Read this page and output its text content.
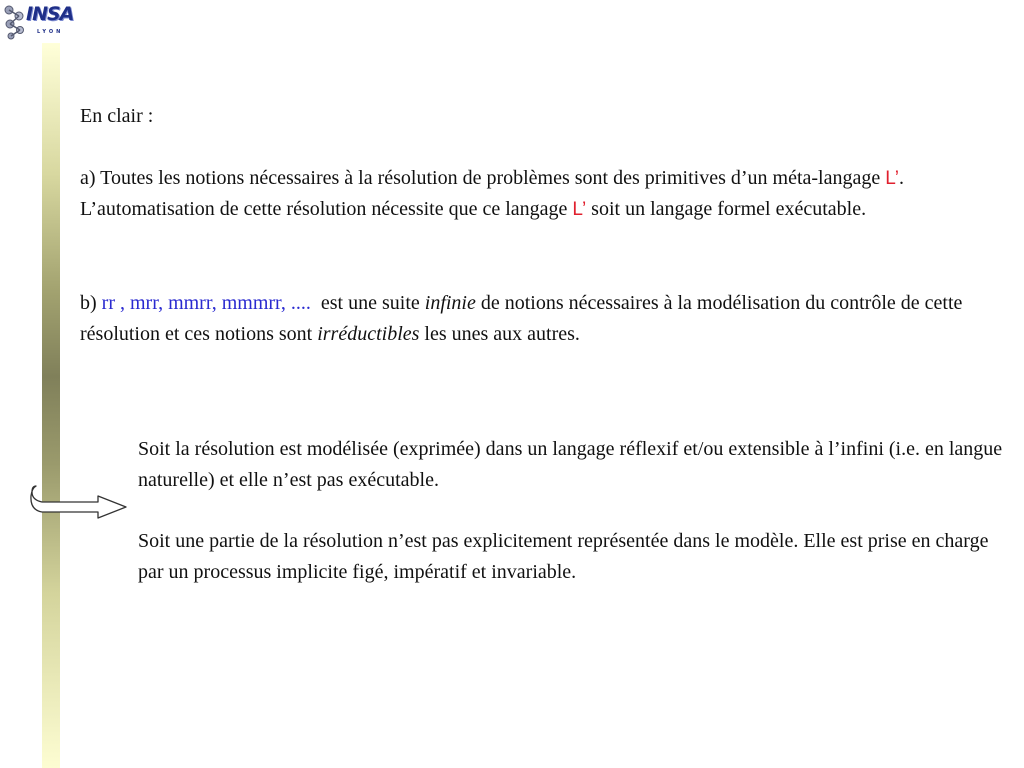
INSA
LYON

En clair :

a) Toutes les notions nécessaires à la résolution de problèmes sont des primitives d’un méta-langage L’. L’automatisation de cette résolution nécessite que ce langage L’ soit un langage formel exécutable.

b) rr , mrr, mmrr, mmmrr, ....  est une suite infinie de notions nécessaires à la modélisation du contrôle de cette résolution et ces notions sont irréductibles les unes aux autres.

Soit la résolution est modélisée (exprimée) dans un langage réflexif et/ou extensible à l’infini (i.e. en langue naturelle) et elle n’est pas exécutable.

Soit une partie de la résolution n’est pas explicitement représentée dans le modèle. Elle est prise en charge par un processus implicite figé, impératif et invariable.
